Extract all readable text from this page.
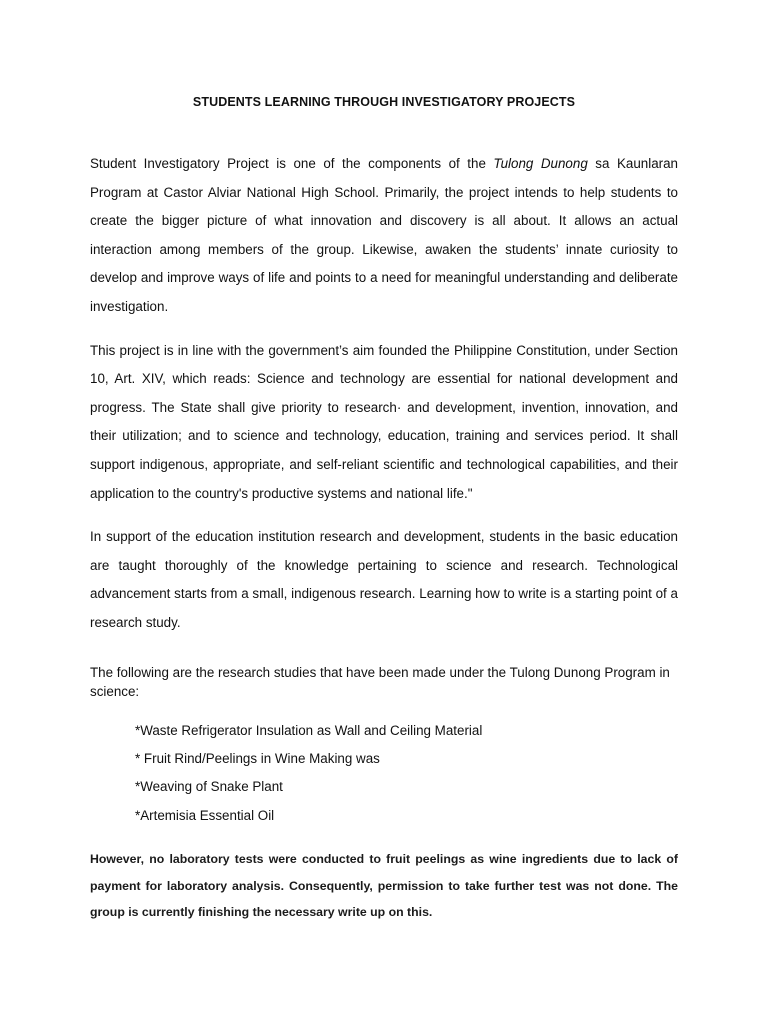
STUDENTS LEARNING THROUGH INVESTIGATORY PROJECTS

Student Investigatory Project is one of the components of the Tulong Dunong sa Kaunlaran Program at Castor Alviar National High School. Primarily, the project intends to help students to create the bigger picture of what innovation and discovery is all about. It allows an actual interaction among members of the group. Likewise, awaken the students’ innate curiosity to develop and improve ways of life and points to a need for meaningful understanding and deliberate investigation.

This project is in line with the government’s aim founded the Philippine Constitution, under Section 10, Art. XIV, which reads: Science and technology are essential for national development and progress. The State shall give priority to research· and development, invention, innovation, and their utilization; and to science and technology, education, training and services period. It shall support indigenous, appropriate, and self-reliant scientific and technological capabilities, and their application to the country's productive systems and national life."

In support of the education institution research and development, students in the basic education are taught thoroughly of the knowledge pertaining to science and research. Technological advancement starts from a small, indigenous research. Learning how to write is a starting point of a research study.

The following are the research studies that have been made under the Tulong Dunong Program in science:

*Waste Refrigerator Insulation as Wall and Ceiling Material
* Fruit Rind/Peelings in Wine Making was
*Weaving of Snake Plant
*Artemisia Essential Oil

However, no laboratory tests were conducted to fruit peelings as wine ingredients due to lack of payment for laboratory analysis. Consequently, permission to take further test was not done. The group is currently finishing the necessary write up on this.
